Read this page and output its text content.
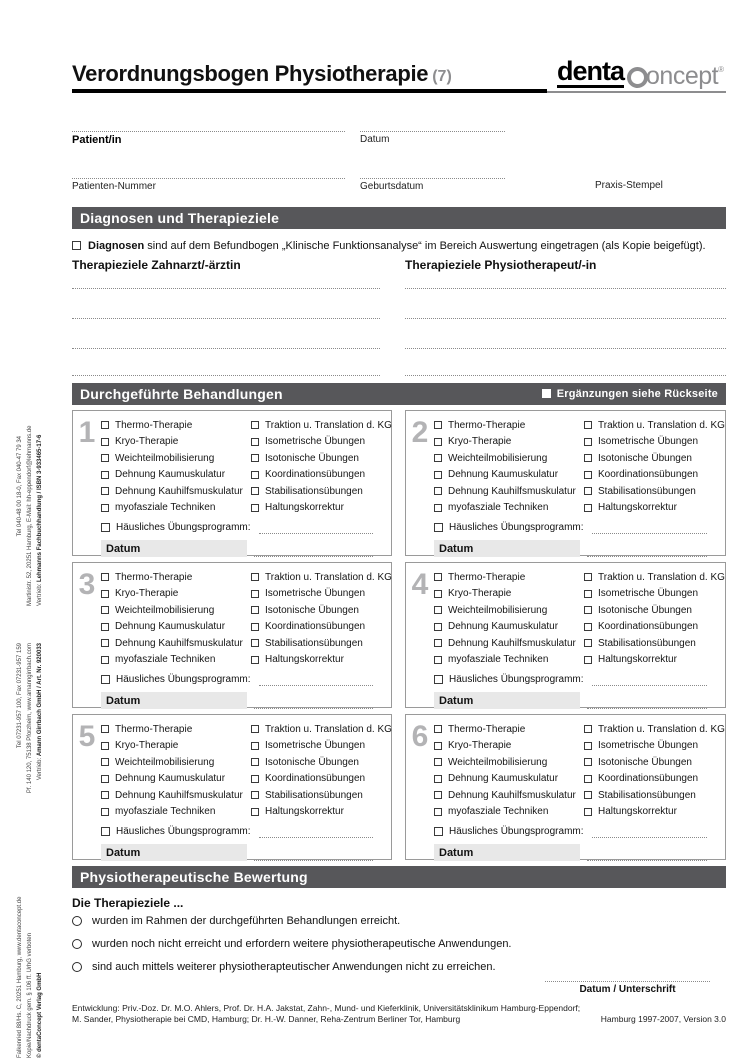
Vertrieb: Lehmanns Fachbuchhandlung / ISBN 3-933465-17-6
Martinistr. 52, 20251 Hamburg, E-Mail: hh-eppendorf@lehmanns.de
Tel 040-48 00 18-0, Fax 040-47 79 34
Vertrieb: Amann Girrbach GmbH / Art. Nr. 920033
Pf. 140 120, 75138 Pforzheim, www.amanngirrbach.com
Tel 07231-957 100, Fax 07231-957 159
© dentaConcept Verlag GmbH
Kopie/Nachdruck gem. § 106 ff. UrhG verboten
Falkenried 88/Hs. C, 20251 Hamburg, www.dentaconcept.de
Verordnungsbogen Physiotherapie (7)	denta oncept ®
Patient/in	Datum
Patienten-Nummer	Geburtsdatum	Praxis-Stempel
Diagnosen und Therapieziele
Diagnosen sind auf dem Befundbogen „Klinische Funktionsanalyse“ im Bereich Auswertung eingetragen (als Kopie beigefügt).
Therapieziele Zahnarzt/-ärztin	Therapieziele Physiotherapeut/-in
Durchgeführte Behandlungen	Ergänzungen siehe Rückseite
1	Thermo-Therapie
Kryo-Therapie
Weichteilmobilisierung
Dehnung Kaumuskulatur
Dehnung Kauhilfsmuskulatur
myofasziale Techniken
Traktion u. Translation d. KG
Isometrische Übungen
Isotonische Übungen
Koordinationsübungen
Stabilisationsübungen
Haltungskorrektur
Häusliches Übungsprogramm:
Datum
2	Thermo-Therapie
Kryo-Therapie
Weichteilmobilisierung
Dehnung Kaumuskulatur
Dehnung Kauhilfsmuskulatur
myofasziale Techniken
Traktion u. Translation d. KG
Isometrische Übungen
Isotonische Übungen
Koordinationsübungen
Stabilisationsübungen
Haltungskorrektur
Häusliches Übungsprogramm:
Datum
3	Thermo-Therapie
Kryo-Therapie
Weichteilmobilisierung
Dehnung Kaumuskulatur
Dehnung Kauhilfsmuskulatur
myofasziale Techniken
Traktion u. Translation d. KG
Isometrische Übungen
Isotonische Übungen
Koordinationsübungen
Stabilisationsübungen
Haltungskorrektur
Häusliches Übungsprogramm:
Datum
4	Thermo-Therapie
Kryo-Therapie
Weichteilmobilisierung
Dehnung Kaumuskulatur
Dehnung Kauhilfsmuskulatur
myofasziale Techniken
Traktion u. Translation d. KG
Isometrische Übungen
Isotonische Übungen
Koordinationsübungen
Stabilisationsübungen
Haltungskorrektur
Häusliches Übungsprogramm:
Datum
5	Thermo-Therapie
Kryo-Therapie
Weichteilmobilisierung
Dehnung Kaumuskulatur
Dehnung Kauhilfsmuskulatur
myofasziale Techniken
Traktion u. Translation d. KG
Isometrische Übungen
Isotonische Übungen
Koordinationsübungen
Stabilisationsübungen
Haltungskorrektur
Häusliches Übungsprogramm:
Datum
6	Thermo-Therapie
Kryo-Therapie
Weichteilmobilisierung
Dehnung Kaumuskulatur
Dehnung Kauhilfsmuskulatur
myofasziale Techniken
Traktion u. Translation d. KG
Isometrische Übungen
Isotonische Übungen
Koordinationsübungen
Stabilisationsübungen
Haltungskorrektur
Häusliches Übungsprogramm:
Datum
Physiotherapeutische Bewertung
Die Therapieziele ...
wurden im Rahmen der durchgeführten Behandlungen erreicht.
wurden noch nicht erreicht und erfordern weitere physiotherapeutische Anwendungen.
sind auch mittels weiterer physiotherapteutischer Anwendungen nicht zu erreichen.
Datum / Unterschrift
Entwicklung: Priv.-Doz. Dr. M.O. Ahlers, Prof. Dr. H.A. Jakstat, Zahn-, Mund- und Kieferklinik, Universitätsklinikum Hamburg-Eppendorf;
M. Sander, Physiotherapie bei CMD, Hamburg; Dr. H.-W. Danner, Reha-Zentrum Berliner Tor, Hamburg	Hamburg 1997-2007, Version 3.0
